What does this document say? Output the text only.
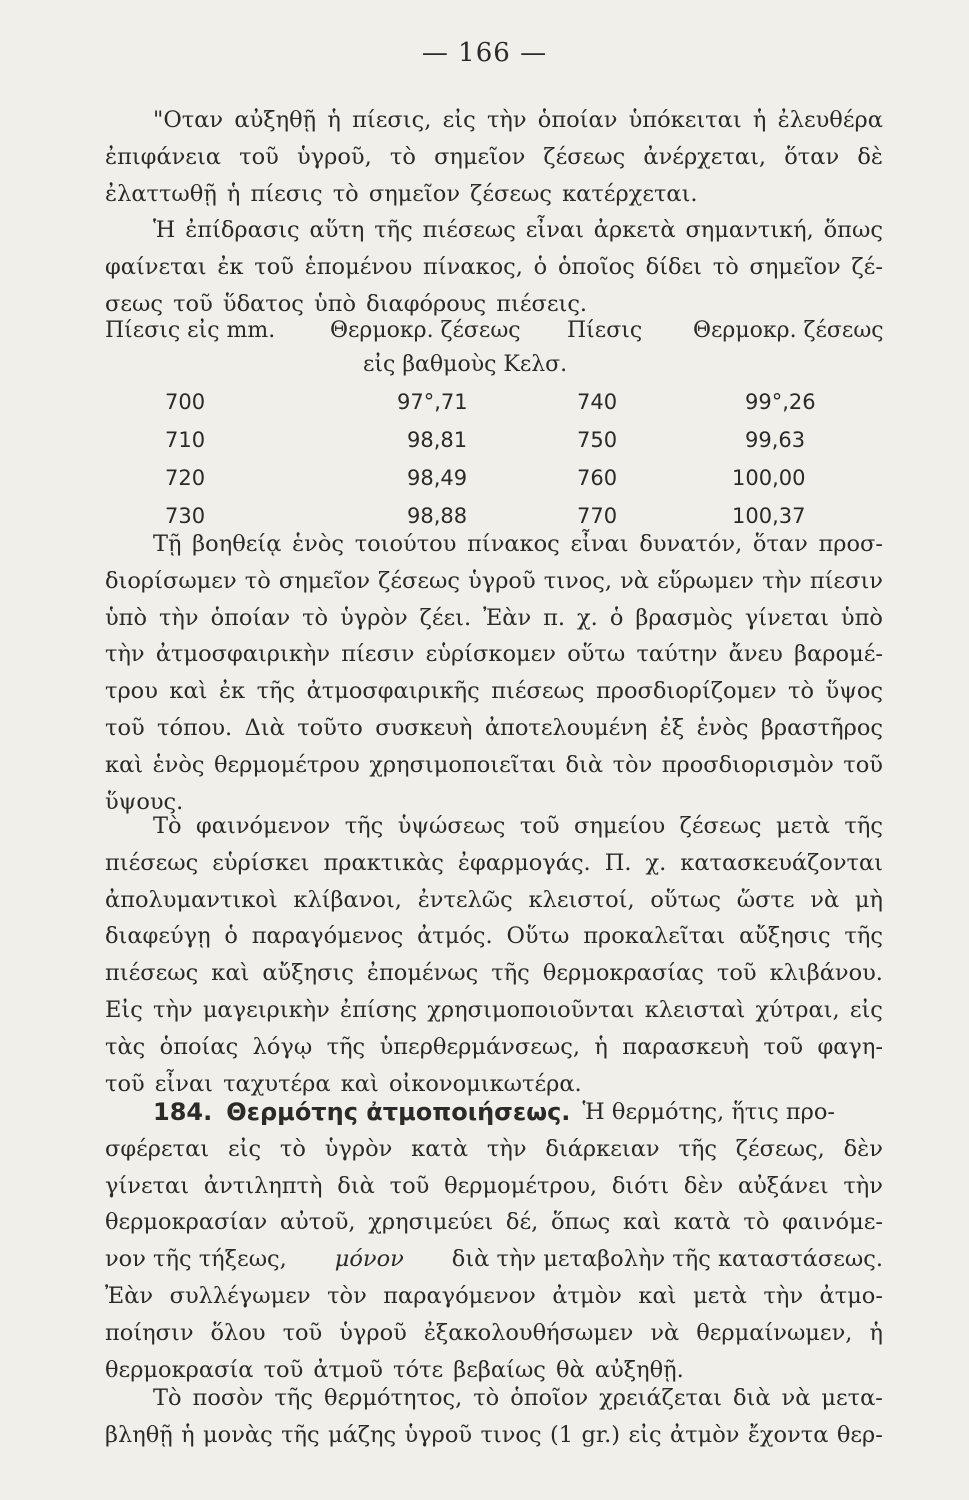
— 166 —
"Οταν αὐξηθῇ ἡ πίεσις, εἰς τὴν ὁποίαν ὑπόκειται ἡ ἐλευθέρα
ἐπιφάνεια τοῦ ὑγροῦ, τὸ σημεῖον ζέσεως ἀνέρχεται, ὅταν δὲ
ἐλαττωθῇ ἡ πίεσις τὸ σημεῖον ζέσεως κατέρχεται.
Ἡ ἐπίδρασις αὕτη τῆς πιέσεως εἶναι ἀρκετὰ σημαντική, ὅπως
φαίνεται ἐκ τοῦ ἑπομένου πίνακος, ὁ ὁποῖος δίδει τὸ σημεῖον ζέ-
σεως τοῦ ὕδατος ὑπὸ διαφόρους πιέσεις.
Πίεσις εἰς mm. Θερμοκρ. ζέσεως Πίεσις Θερμοκρ. ζέσεως
εἰς βαθμοὺς Κελσ.
700	97°,71	740	99°,26
710	98,81	750	99,63
720	98,49	760	100,00
730	98,88	770	100,37
Τῇ βοηθείᾳ ἑνὸς τοιούτου πίνακος εἶναι δυνατόν, ὅταν προσ-
διορίσωμεν τὸ σημεῖον ζέσεως ὑγροῦ τινος, νὰ εὕρωμεν τὴν πίεσιν
ὑπὸ τὴν ὁποίαν τὸ ὑγρὸν ζέει. Ἐὰν π. χ. ὁ βρασμὸς γίνεται ὑπὸ
τὴν ἀτμοσφαιρικὴν πίεσιν εὑρίσκομεν οὕτω ταύτην ἄνευ βαρομέ-
τρου καὶ ἐκ τῆς ἀτμοσφαιρικῆς πιέσεως προσδιορίζομεν τὸ ὕψος
τοῦ τόπου. Διὰ τοῦτο συσκευὴ ἀποτελουμένη ἐξ ἑνὸς βραστῆρος
καὶ ἑνὸς θερμομέτρου χρησιμοποιεῖται διὰ τὸν προσδιορισμὸν τοῦ
ὕψους.
Τὸ φαινόμενον τῆς ὑψώσεως τοῦ σημείου ζέσεως μετὰ τῆς
πιέσεως εὑρίσκει πρακτικὰς ἐφαρμογάς. Π. χ. κατασκευάζονται
ἀπολυμαντικοὶ κλίβανοι, ἐντελῶς κλειστοί, οὕτως ὥστε νὰ μὴ
διαφεύγῃ ὁ παραγόμενος ἀτμός. Οὕτω προκαλεῖται αὔξησις τῆς
πιέσεως καὶ αὔξησις ἐπομένως τῆς θερμοκρασίας τοῦ κλιβάνου.
Εἰς τὴν μαγειρικὴν ἐπίσης χρησιμοποιοῦνται κλεισταὶ χύτραι, εἰς
τὰς ὁποίας λόγῳ τῆς ὑπερθερμάνσεως, ἡ παρασκευὴ τοῦ φαγη-
τοῦ εἶναι ταχυτέρα καὶ οἰκονομικωτέρα.
184. Θερμότης ἀτμοποιήσεως. Ἡ θερμότης, ἥτις προ-
σφέρεται εἰς τὸ ὑγρὸν κατὰ τὴν διάρκειαν τῆς ζέσεως, δὲν
γίνεται ἀντιληπτὴ διὰ τοῦ θερμομέτρου, διότι δὲν αὐξάνει τὴν
θερμοκρασίαν αὐτοῦ, χρησιμεύει δέ, ὅπως καὶ κατὰ τὸ φαινόμε-
νον τῆς τήξεως, μόνον διὰ τὴν μεταβολὴν τῆς καταστάσεως.
Ἐὰν συλλέγωμεν τὸν παραγόμενον ἀτμὸν καὶ μετὰ τὴν ἀτμο-
ποίησιν ὅλου τοῦ ὑγροῦ ἐξακολουθήσωμεν νὰ θερμαίνωμεν, ἡ
θερμοκρασία τοῦ ἀτμοῦ τότε βεβαίως θὰ αὐξηθῇ.
Τὸ ποσὸν τῆς θερμότητος, τὸ ὁποῖον χρειάζεται διὰ νὰ μετα-
βληθῇ ἡ μονὰς τῆς μάζης ὑγροῦ τινος (1 gr.) εἰς ἀτμὸν ἔχοντα θερ-
